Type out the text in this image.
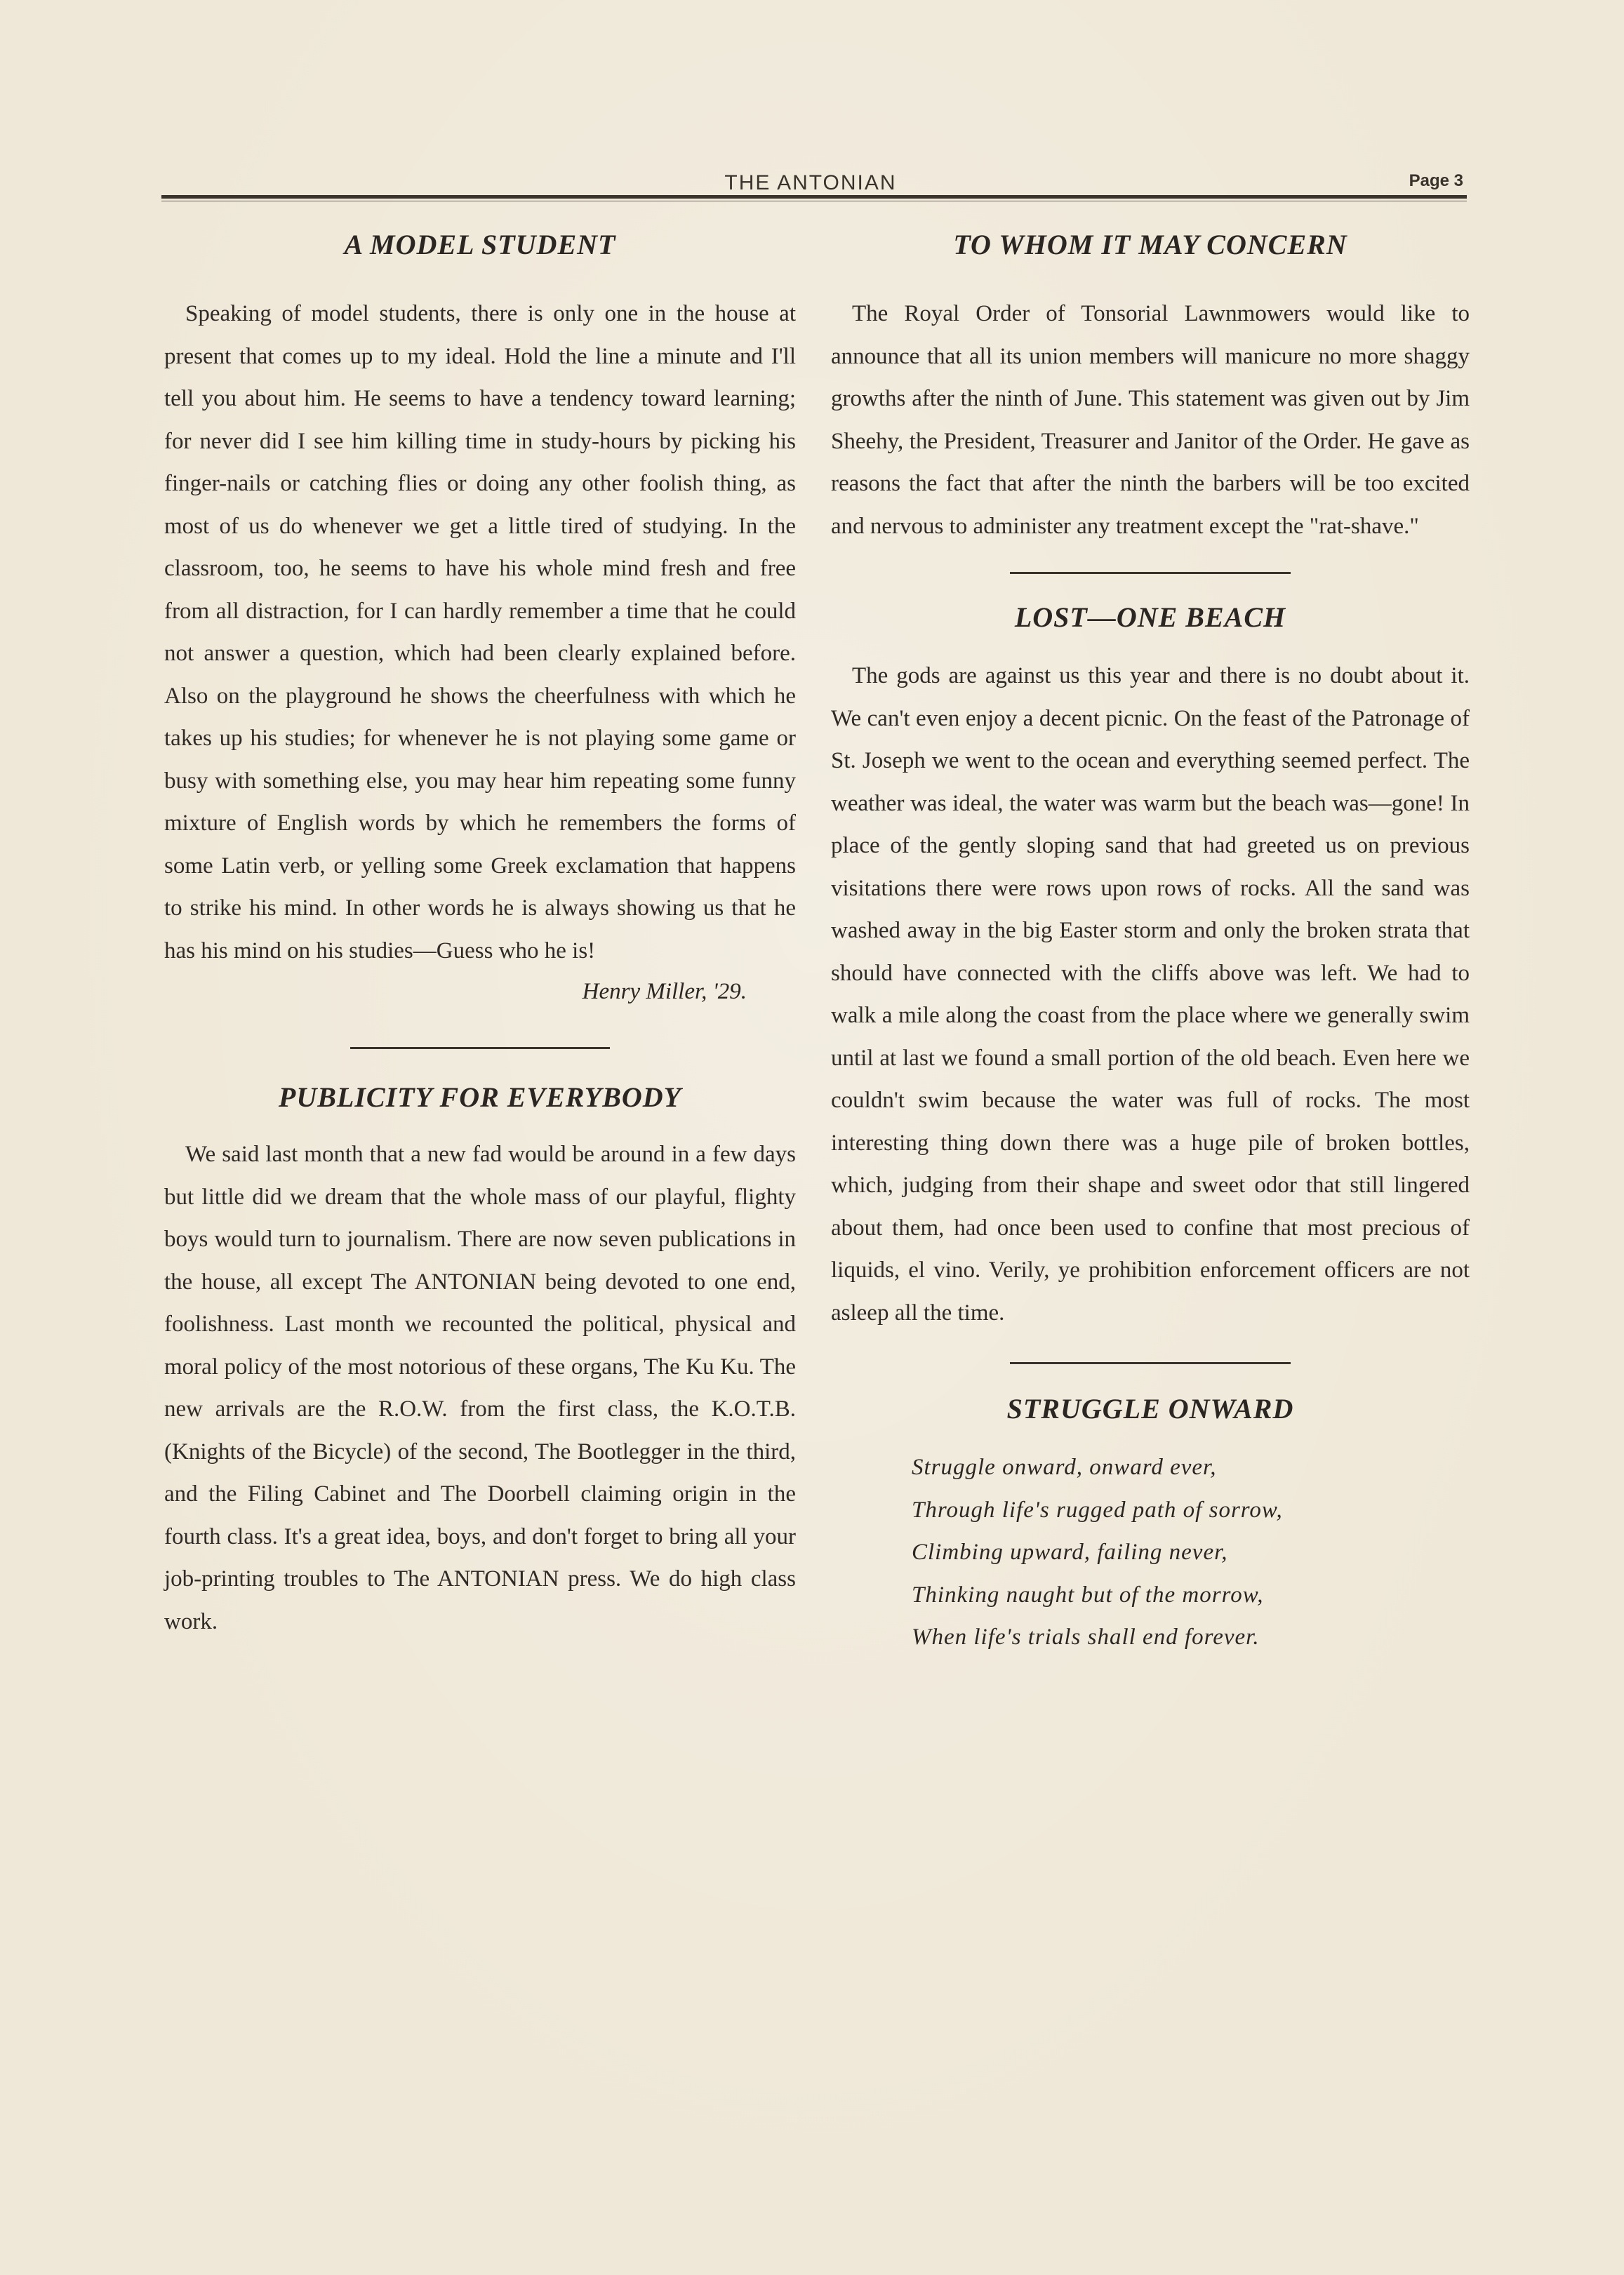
THE ANTONIAN	Page 3
A MODEL STUDENT

Speaking of model students, there is only one in the house at present that comes up to my ideal. Hold the line a minute and I'll tell you about him. He seems to have a tendency toward learning; for never did I see him killing time in study-hours by picking his finger-nails or catching flies or doing any other foolish thing, as most of us do whenever we get a little tired of studying. In the classroom, too, he seems to have his whole mind fresh and free from all distraction, for I can hardly remember a time that he could not answer a question, which had been clearly explained before. Also on the playground he shows the cheerfulness with which he takes up his studies; for whenever he is not playing some game or busy with something else, you may hear him repeating some funny mixture of English words by which he remembers the forms of some Latin verb, or yelling some Greek exclamation that happens to strike his mind. In other words he is always showing us that he has his mind on his studies—Guess who he is!

Henry Miller, '29.
PUBLICITY FOR EVERYBODY

We said last month that a new fad would be around in a few days but little did we dream that the whole mass of our playful, flighty boys would turn to journalism. There are now seven publications in the house, all except The ANTONIAN being devoted to one end, foolishness. Last month we recounted the political, physical and moral policy of the most notorious of these organs, The Ku Ku. The new arrivals are the R.O.W. from the first class, the K.O.T.B. (Knights of the Bicycle) of the second, The Bootlegger in the third, and the Filing Cabinet and The Doorbell claiming origin in the fourth class. It's a great idea, boys, and don't forget to bring all your job-printing troubles to The ANTONIAN press. We do high class work.

TO WHOM IT MAY CONCERN

The Royal Order of Tonsorial Lawnmowers would like to announce that all its union members will manicure no more shaggy growths after the ninth of June. This statement was given out by Jim Sheehy, the President, Treasurer and Janitor of the Order. He gave as reasons the fact that after the ninth the barbers will be too excited and nervous to administer any treatment except the "rat-shave."

LOST—ONE BEACH

The gods are against us this year and there is no doubt about it. We can't even enjoy a decent picnic. On the feast of the Patronage of St. Joseph we went to the ocean and everything seemed perfect. The weather was ideal, the water was warm but the beach was—gone! In place of the gently sloping sand that had greeted us on previous visitations there were rows upon rows of rocks. All the sand was washed away in the big Easter storm and only the broken strata that should have connected with the cliffs above was left. We had to walk a mile along the coast from the place where we generally swim until at last we found a small portion of the old beach. Even here we couldn't swim because the water was full of rocks. The most interesting thing down there was a huge pile of broken bottles, which, judging from their shape and sweet odor that still lingered about them, had once been used to confine that most precious of liquids, el vino. Verily, ye prohibition enforcement officers are not asleep all the time.

STRUGGLE ONWARD
Struggle onward, onward ever,
Through life's rugged path of sorrow,
Climbing upward, failing never,
Thinking naught but of the morrow,
When life's trials shall end forever.
